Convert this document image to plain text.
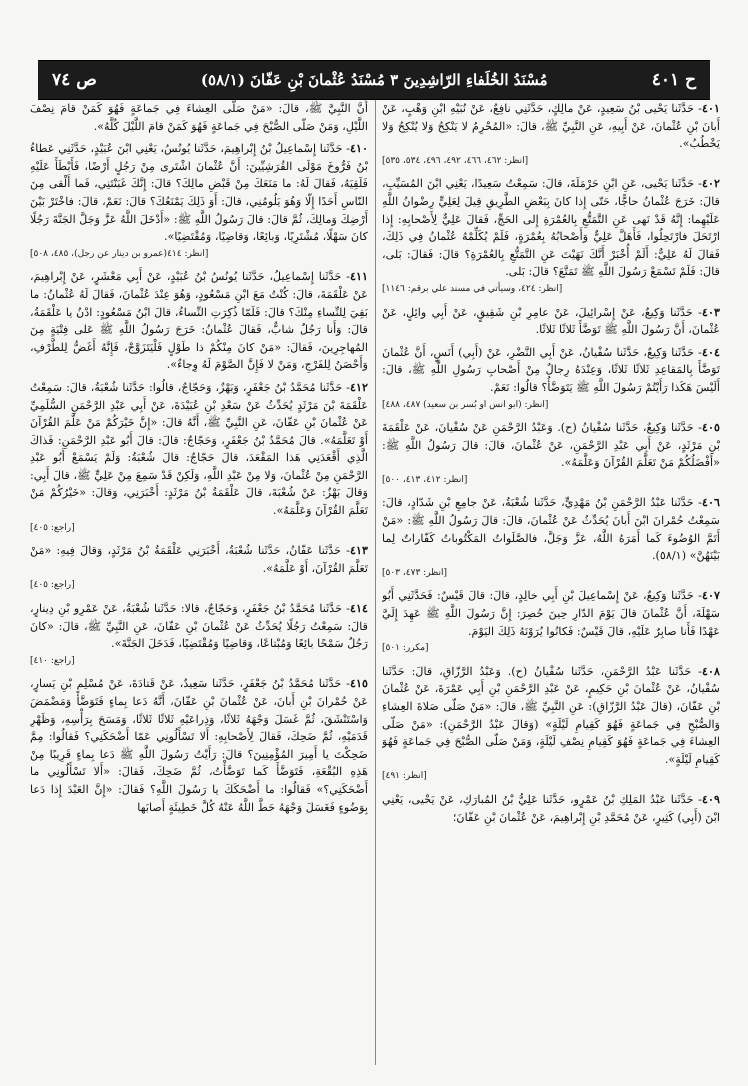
ح ٤٠١
مُسْنَدُ الخُلَفاءِ الرّاشِدِينَ ٣ مُسْنَدُ عُثْمانَ بْنِ عَفّانَ (٥٨/١)
ص ٧٤

٤٠١- حَدَّثَنا يَحْيى بْنُ سَعِيدٍ، عَنْ مالِكٍ، حَدَّثَنِي نافِعٌ، عَنْ نُبَيْهِ ابْنِ وَهْبٍ، عَنْ أَبانَ بْنِ عُثْمانَ، عَنْ أَبِيهِ، عَنِ النَّبِيِّ ﷺ، قالَ: «المُحْرِمُ لا يَنْكِحُ وَلا يُنْكِحُ وَلا يَخْطُبُ».
[انظر: ٤٦٢، ٤٦٦، ٤٩٢، ٤٩٦، ٥٣٤، ٥٣٥]

٤٠٢- حَدَّثَنا يَحْيى، عَنِ ابْنِ حَرْمَلَةَ، قالَ: سَمِعْتُ سَعِيدًا، يَعْنِي ابْنَ المُسَيِّبِ، قالَ: خَرَجَ عُثْمانُ حاجًّا، حَتّى إِذا كانَ بِبَعْضِ الطَّرِيقِ قِيلَ لِعَلِيٍّ رِضْوانُ اللَّهِ عَلَيْهِما: إِنَّهُ قَدْ نَهى عَنِ التَّمَتُّعِ بِالعُمْرَةِ إِلى الحَجِّ، فَقالَ عَلِيٌّ لِأَصْحابِهِ: إِذا ارْتَحَلَ فارْتَحِلُوا، فَأَهَلَّ عَلِيٌّ وَأَصْحابُهُ بِعُمْرَةٍ، فَلَمْ يُكَلِّمْهُ عُثْمانُ فِي ذَلِكَ، فَقالَ لَهُ عَلِيٌّ: أَلَمْ أُخْبَرْ أَنَّكَ نَهَيْتَ عَنِ التَّمَتُّعِ بِالعُمْرَةِ؟ قالَ: فَقالَ: بَلى، قالَ: فَلَمْ تَسْمَعْ رَسُولَ اللَّهِ ﷺ تَمَتَّعَ؟ قالَ: بَلى.
[انظر: ٤٢٤، وسيأتي في مسند علي برقم: ١١٤٦]

٤٠٣- حَدَّثَنا وَكِيعٌ، عَنْ إِسْرائِيلَ، عَنْ عامِرِ بْنِ شَقِيقٍ، عَنْ أَبِي وائِلٍ، عَنْ عُثْمانَ، أَنَّ رَسُولَ اللَّهِ ﷺ تَوَضَّأَ ثَلاثًا ثَلاثًا.

٤٠٤- حَدَّثَنا وَكِيعٌ، حَدَّثَنا سُفْيانُ، عَنْ أَبِي النَّضْرِ، عَنْ (أَبِي) أَنَسٍ، أَنَّ عُثْمانَ تَوَضَّأَ بِالمَقاعِدِ ثَلاثًا ثَلاثًا، وَعِنْدَهُ رِجالٌ مِنْ أَصْحابِ رَسُولِ اللَّهِ ﷺ، قالَ: أَلَيْسَ هَكَذا رَأَيْتُمْ رَسُولَ اللَّهِ ﷺ يَتَوَضَّأُ؟ قالُوا: نَعَمْ.
[انظر: (ابو انس او بُسر بن سعيد) ٤٨٧، ٤٨٨]

٤٠٥- حَدَّثَنا وَكِيعٌ، حَدَّثَنا سُفْيانُ (ح). وَعَبْدُ الرَّحْمَنِ عَنْ سُفْيانَ، عَنْ عَلْقَمَةَ بْنِ مَرْثَدٍ، عَنْ أَبِي عَبْدِ الرَّحْمَنِ، عَنْ عُثْمانَ، قالَ: قالَ رَسُولُ اللَّهِ ﷺ: «أَفْضَلُكُمْ مَنْ تَعَلَّمَ القُرْآنَ وَعَلَّمَهُ».
[انظر: ٤١٢، ٤١٣، ٥٠٠]

٤٠٦- حَدَّثَنا عَبْدُ الرَّحْمَنِ بْنُ مَهْدِيٍّ، حَدَّثَنا شُعْبَةُ، عَنْ جامِعِ بْنِ شَدّادٍ، قالَ: سَمِعْتُ حُمْرانَ ابْنَ أَبانَ يُحَدِّثُ عَنْ عُثْمانَ، قالَ: قالَ رَسُولُ اللَّهِ ﷺ: «مَنْ أَتَمَّ الوُضُوءَ كَما أَمَرَهُ اللَّهُ، عَزَّ وَجَلَّ، فالصَّلَواتُ المَكْتُوباتُ كَفّاراتٌ لِما بَيْنَهُنَّ» (٥٨/١).
[انظر: ٤٧٣، ٥٠٣]

٤٠٧- حَدَّثَنا وَكِيعٌ، عَنْ إِسْماعِيلَ بْنِ أَبِي خالِدٍ، قالَ: قالَ قَيْسٌ: فَحَدَّثَنِي أَبُو سَهْلَةَ، أَنَّ عُثْمانَ قالَ يَوْمَ الدّارِ حِينَ حُصِرَ: إِنَّ رَسُولَ اللَّهِ ﷺ عَهِدَ إِلَيَّ عَهْدًا فَأَنا صابِرٌ عَلَيْهِ، قالَ قَيْسٌ: فَكانُوا يُرَوْنَهُ ذَلِكَ اليَوْمَ.
[مكرر: ٥٠١]

٤٠٨- حَدَّثَنا عَبْدُ الرَّحْمَنِ، حَدَّثَنا سُفْيانُ (ح). وَعَبْدُ الرَّزّاقِ، قالَ: حَدَّثَنا سُفْيانُ، عَنْ عُثْمانَ بْنِ حَكِيمٍ، عَنْ عَبْدِ الرَّحْمَنِ بْنِ أَبِي عَمْرَةَ، عَنْ عُثْمانَ بْنِ عَفّانَ، (قالَ عَبْدُ الرَّزّاقِ): عَنِ النَّبِيِّ ﷺ، قالَ: «مَنْ صَلّى صَلاةَ العِشاءِ وَالصُّبْحِ فِي جَماعَةٍ فَهُوَ كَقِيامِ لَيْلَةٍ» (وَقالَ عَبْدُ الرَّحْمَنِ): «مَنْ صَلّى العِشاءَ فِي جَماعَةٍ فَهُوَ كَقِيامِ نِصْفِ لَيْلَةٍ، وَمَنْ صَلّى الصُّبْحَ فِي جَماعَةٍ فَهُوَ كَقِيامِ لَيْلَةٍ».
[انظر: ٤٩١]

٤٠٩- حَدَّثَنا عَبْدُ المَلِكِ بْنُ عَمْرٍو، حَدَّثَنا عَلِيُّ بْنُ المُبارَكِ، عَنْ يَحْيى، يَعْنِي ابْنَ (أَبِي) كَثِيرٍ، عَنْ مُحَمَّدِ بْنِ إِبْراهِيمَ، عَنْ عُثْمانَ بْنِ عَفّانَ؛

أَنَّ النَّبِيَّ ﷺ، قالَ: «مَنْ صَلّى العِشاءَ فِي جَماعَةٍ فَهُوَ كَمَنْ قامَ نِصْفَ اللَّيْلِ، وَمَنْ صَلّى الصُّبْحَ فِي جَماعَةٍ فَهُوَ كَمَنْ قامَ اللَّيْلَ كُلَّهُ».

٤١٠- حَدَّثَنا إِسْماعِيلُ بْنُ إِبْراهِيمَ، حَدَّثَنا يُونُسُ، يَعْنِي ابْنَ عُبَيْدٍ، حَدَّثَنِي عَطاءُ بْنُ فَرُّوخَ مَوْلَى القُرَشِيِّينَ: أَنَّ عُثْمانَ اشْتَرى مِنْ رَجُلٍ أَرْضًا، فَأَبْطَأَ عَلَيْهِ فَلَقِيَهُ، فَقالَ لَهُ: ما مَنَعَكَ مِنْ قَبْضِ مالِكَ؟ قالَ: إِنَّكَ غَبَنْتَنِي، فَما أَلْقى مِنَ النّاسِ أَحَدًا إِلّا وَهُوَ يَلُومُنِي، قالَ: أَوَ ذَلِكَ يَمْنَعُكَ؟ قالَ: نَعَمْ، قالَ: فاخْتَرْ بَيْنَ أَرْضِكَ وَمالِكَ، ثُمَّ قالَ: قالَ رَسُولُ اللَّهِ ﷺ: «أَدْخَلَ اللَّهُ عَزَّ وَجَلَّ الجَنَّةَ رَجُلًا كانَ سَهْلًا، مُشْتَرِيًا، وَبائِعًا، وَقاضِيًا، وَمُقْتَضِيًا».
[انظر: ٤١٤(عمرو بن دينار عن رجل)، ٤٨٥، ٥٠٨]

٤١١- حَدَّثَنا إِسْماعِيلُ، حَدَّثَنا يُونُسُ بْنُ عُبَيْدٍ، عَنْ أَبِي مَعْشَرٍ، عَنْ إِبْراهِيمَ، عَنْ عَلْقَمَةَ، قالَ: كُنْتُ مَعَ ابْنِ مَسْعُودٍ، وَهُوَ عِنْدَ عُثْمانَ، فَقالَ لَهُ عُثْمانُ: ما بَقِيَ لِلنِّساءِ مِنْكَ؟ قالَ: فَلَمّا ذُكِرَتِ النِّساءُ، قالَ ابْنُ مَسْعُودٍ: ادْنُ يا عَلْقَمَةُ، قالَ: وَأَنا رَجُلٌ شابٌّ، فَقالَ عُثْمانُ: خَرَجَ رَسُولُ اللَّهِ ﷺ عَلى فِتْيَةٍ مِنَ المُهاجِرِينَ، فَقالَ: «مَنْ كانَ مِنْكُمْ ذا طَوْلٍ فَلْيَتَزَوَّجْ، فَإِنَّهُ أَغَضُّ لِلطَّرْفِ، وَأَحْصَنُ لِلفَرْجِ، وَمَنْ لا فَإِنَّ الصَّوْمَ لَهُ وِجاءٌ».

٤١٢- حَدَّثَنا مُحَمَّدُ بْنُ جَعْفَرٍ، وَبَهْزٌ، وَحَجّاجٌ، قالُوا: حَدَّثَنا شُعْبَةُ، قالَ: سَمِعْتُ عَلْقَمَةَ بْنَ مَرْثَدٍ يُحَدِّثُ عَنْ سَعْدِ بْنِ عُبَيْدَةَ، عَنْ أَبِي عَبْدِ الرَّحْمَنِ السُّلَمِيِّ عَنْ عُثْمانَ بْنِ عَفّانَ، عَنِ النَّبِيِّ ﷺ، أَنَّهُ قالَ: «إِنَّ خَيْرَكُمْ مَنْ عَلَّمَ القُرْآنَ أَوْ تَعَلَّمَهُ». قالَ مُحَمَّدُ بْنُ جَعْفَرٍ، وَحَجّاجٌ: قالَ: قالَ أَبُو عَبْدِ الرَّحْمَنِ: فَذاكَ الَّذِي أَقْعَدَنِي هَذا المَقْعَدَ، قالَ حَجّاجٌ: قالَ شُعْبَةُ: وَلَمْ يَسْمَعْ أَبُو عَبْدِ الرَّحْمَنِ مِنْ عُثْمانَ، وَلا مِنْ عَبْدِ اللَّهِ، وَلَكِنْ قَدْ سَمِعَ مِنْ عَلِيٍّ ﷺ، قالَ أَبِي: وَقالَ بَهْزٌ: عَنْ شُعْبَةَ، قالَ عَلْقَمَةُ بْنُ مَرْثَدٍ: أَخْبَرَنِي، وَقالَ: «خَيْرُكُمْ مَنْ تَعَلَّمَ القُرْآنَ وَعَلَّمَهُ».
[راجع: ٤٠٥]

٤١٣- حَدَّثَنا عَفّانُ، حَدَّثَنا شُعْبَةُ، أَخْبَرَنِي عَلْقَمَةُ بْنُ مَرْثَدٍ، وَقالَ فِيهِ: «مَنْ تَعَلَّمَ القُرْآنَ، أَوْ عَلَّمَهُ».
[راجع: ٤٠٥]

٤١٤- حَدَّثَنا مُحَمَّدُ بْنُ جَعْفَرٍ، وَحَجّاجٌ، قالا: حَدَّثَنا شُعْبَةُ، عَنْ عَمْرِو بْنِ دِينارٍ، قالَ: سَمِعْتُ رَجُلًا يُحَدِّثُ عَنْ عُثْمانَ بْنِ عَفّانَ، عَنِ النَّبِيِّ ﷺ، قالَ: «كانَ رَجُلٌ سَمْحًا بائِعًا وَمُبْتاعًا، وَقاضِيًا وَمُقْتَضِيًا، فَدَخَلَ الجَنَّةَ».
[راجع: ٤١٠]

٤١٥- حَدَّثَنا مُحَمَّدُ بْنُ جَعْفَرٍ، حَدَّثَنا سَعِيدٌ، عَنْ قَتادَةَ، عَنْ مُسْلِمِ بْنِ يَسارٍ، عَنْ حُمْرانَ بْنِ أَبانَ، عَنْ عُثْمانَ بْنِ عَفّانَ، أَنَّهُ دَعا بِماءٍ فَتَوَضَّأَ وَمَضْمَضَ وَاسْتَنْشَقَ، ثُمَّ غَسَلَ وَجْهَهُ ثَلاثًا، وَذِراعَيْهِ ثَلاثًا ثَلاثًا، وَمَسَحَ بِرَأْسِهِ، وَظَهْرِ قَدَمَيْهِ، ثُمَّ ضَحِكَ، فَقالَ لِأَصْحابِهِ: أَلا تَسْأَلُونِي عَمّا أَضْحَكَنِي؟ فَقالُوا: مِمَّ ضَحِكْتَ يا أَمِيرَ المُؤْمِنِينَ؟ قالَ: رَأَيْتُ رَسُولَ اللَّهِ ﷺ دَعا بِماءٍ قَرِيبًا مِنْ هَذِهِ البُقْعَةِ، فَتَوَضَّأَ كَما تَوَضَّأْتُ، ثُمَّ ضَحِكَ، فَقالَ: «أَلا تَسْأَلُونِي ما أَضْحَكَنِي؟» فَقالُوا: ما أَضْحَكَكَ يا رَسُولَ اللَّهِ؟ فَقالَ: «إِنَّ العَبْدَ إِذا دَعا بِوَضُوءٍ فَغَسَلَ وَجْهَهُ حَطَّ اللَّهُ عَنْهُ كُلَّ خَطِيئَةٍ أَصابَها
